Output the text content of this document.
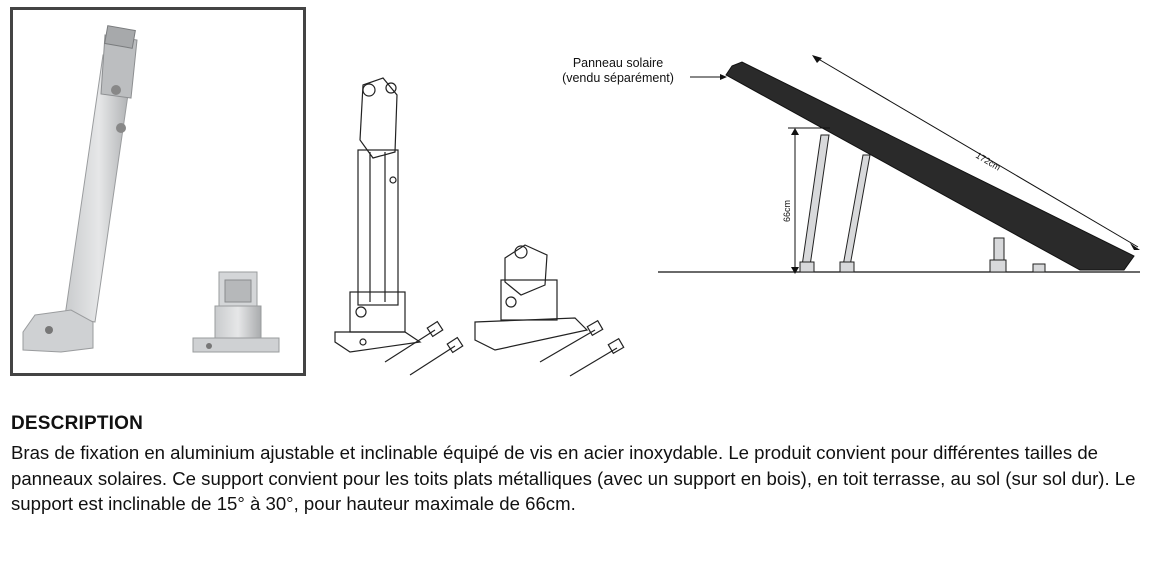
172cm
66cm
Panneau solaire
(vendu séparément)
DESCRIPTION

Bras de fixation en aluminium ajustable et inclinable équipé de vis en acier inoxydable. Le produit convient pour différentes tailles de panneaux solaires. Ce support convient pour les toits plats métalliques (avec un support en bois), en toit terrasse, au sol (sur sol dur). Le support est inclinable de 15° à 30°, pour hauteur maximale de 66cm.
